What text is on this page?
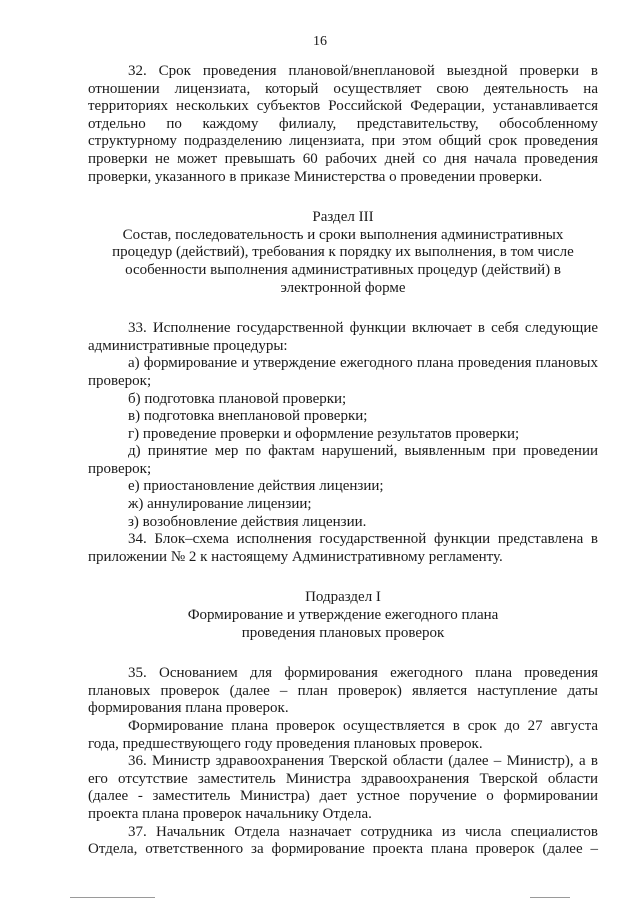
16

32. Срок проведения плановой/внеплановой выездной проверки в отношении лицензиата, который осуществляет свою деятельность на территориях нескольких субъектов Российской Федерации, устанавливается отдельно по каждому филиалу, представительству, обособленному структурному подразделению лицензиата, при этом общий срок проведения проверки не может превышать 60 рабочих дней со дня начала проведения проверки, указанного в приказе Министерства о проведении проверки.

Раздел III

Состав, последовательность и сроки выполнения административных процедур (действий), требования к порядку их выполнения, в том числе особенности выполнения административных процедур (действий) в электронной форме

33. Исполнение государственной функции включает в себя следующие административные процедуры:

а) формирование и утверждение ежегодного плана проведения плановых проверок;

б) подготовка плановой проверки;

в) подготовка внеплановой проверки;

г) проведение проверки и оформление результатов проверки;

д) принятие мер по фактам нарушений, выявленным при проведении проверок;

е) приостановление действия лицензии;

ж) аннулирование лицензии;

з) возобновление действия лицензии.

34. Блок–схема исполнения государственной функции представлена в приложении № 2 к настоящему Административному регламенту.

Подраздел I

Формирование и утверждение ежегодного плана проведения плановых проверок

35. Основанием для формирования ежегодного плана проведения плановых проверок (далее – план проверок) является наступление даты формирования плана проверок.

Формирование плана проверок осуществляется в срок до 27 августа года, предшествующего году проведения плановых проверок.

36. Министр здравоохранения Тверской области (далее – Министр), а в его отсутствие заместитель Министра здравоохранения Тверской области (далее - заместитель Министра) дает устное поручение о формировании проекта плана проверок начальнику Отдела.

37. Начальник Отдела назначает сотрудника из числа специалистов Отдела, ответственного за формирование проекта плана проверок (далее –
